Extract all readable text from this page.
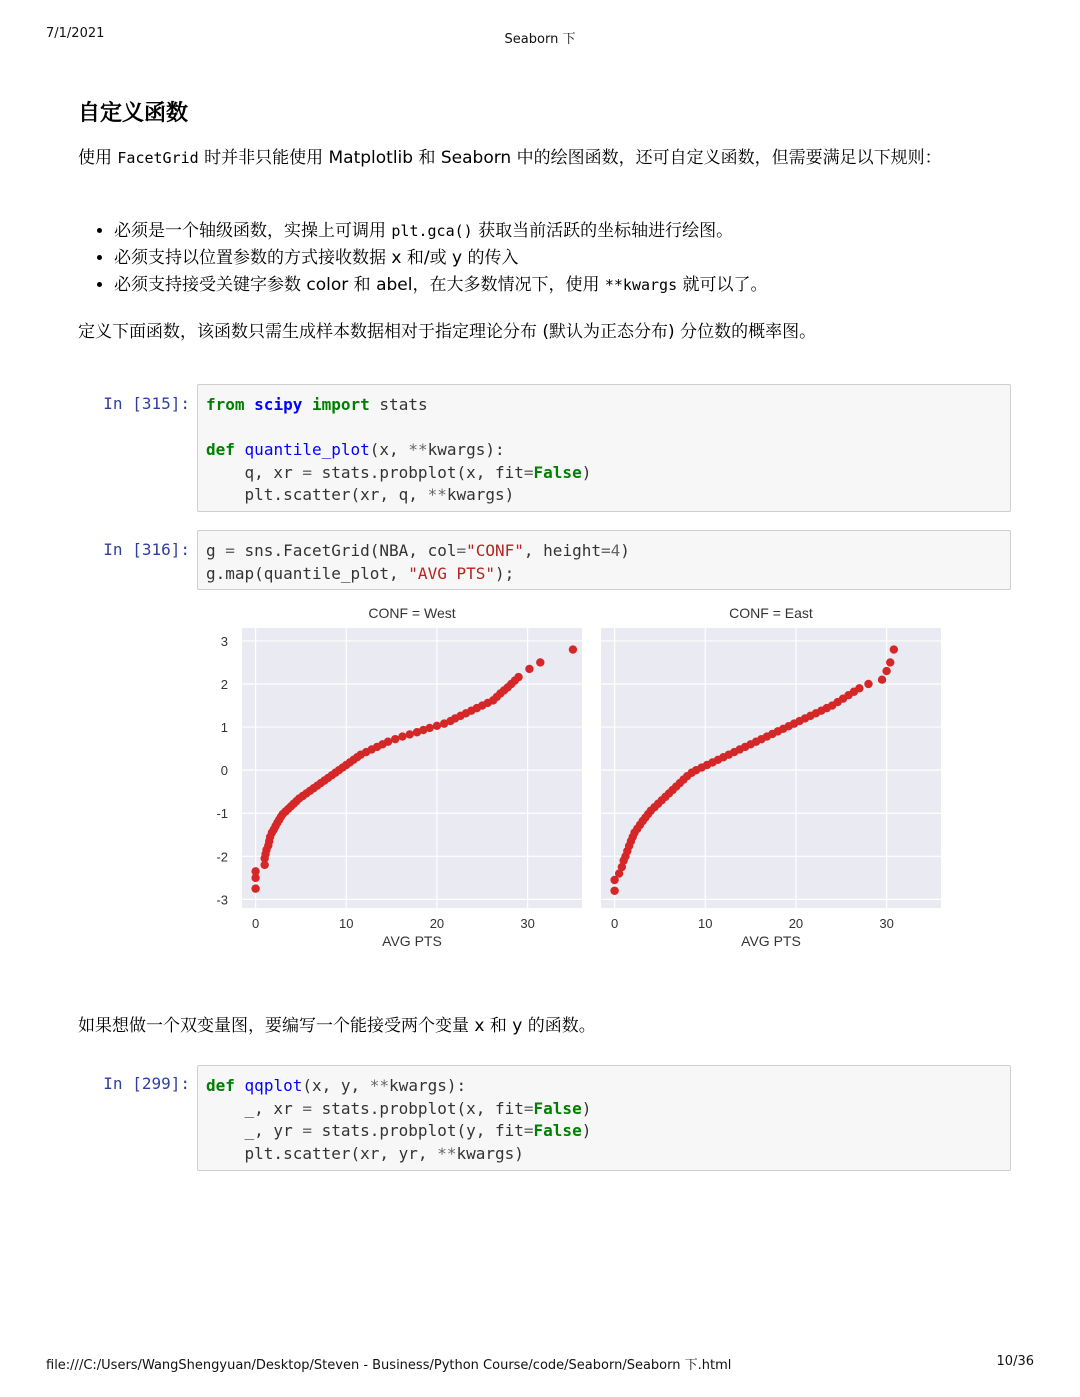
7/1/2021	Seaborn 下
自定义函数
使用 FacetGrid 时并非只能使用 Matplotlib 和 Seaborn 中的绘图函数，还可自定义函数，但需要满足以下规则：
• 必须是一个轴级函数，实操上可调用 plt.gca() 获取当前活跃的坐标轴进行绘图。
• 必须支持以位置参数的方式接收数据 x 和/或 y 的传入
• 必须支持接受关键字参数 color 和 abel，在大多数情况下，使用 **kwargs 就可以了。
定义下面函数，该函数只需生成样本数据相对于指定理论分布 (默认为正态分布) 分位数的概率图。
In [315]: from scipy import stats

def quantile_plot(x, **kwargs):
q, xr = stats.probplot(x, fit=False)
plt.scatter(xr, q, **kwargs)
In [316]: g = sns.FacetGrid(NBA, col="CONF", height=4)
g.map(quantile_plot, "AVG PTS");
CONF = West
0	10	20	30
AVG PTS
-3
-2
-1
0
1
2
3
CONF = East
0	10	20	30
AVG PTS
如果想做一个双变量图，要编写一个能接受两个变量 x 和 y 的函数。
In [299]: def qqplot(x, y, **kwargs):
_, xr = stats.probplot(x, fit=False)
_, yr = stats.probplot(y, fit=False)
plt.scatter(xr, yr, **kwargs)
file:///C:/Users/WangShengyuan/Desktop/Steven - Business/Python Course/code/Seaborn/Seaborn 下.html	10/36
